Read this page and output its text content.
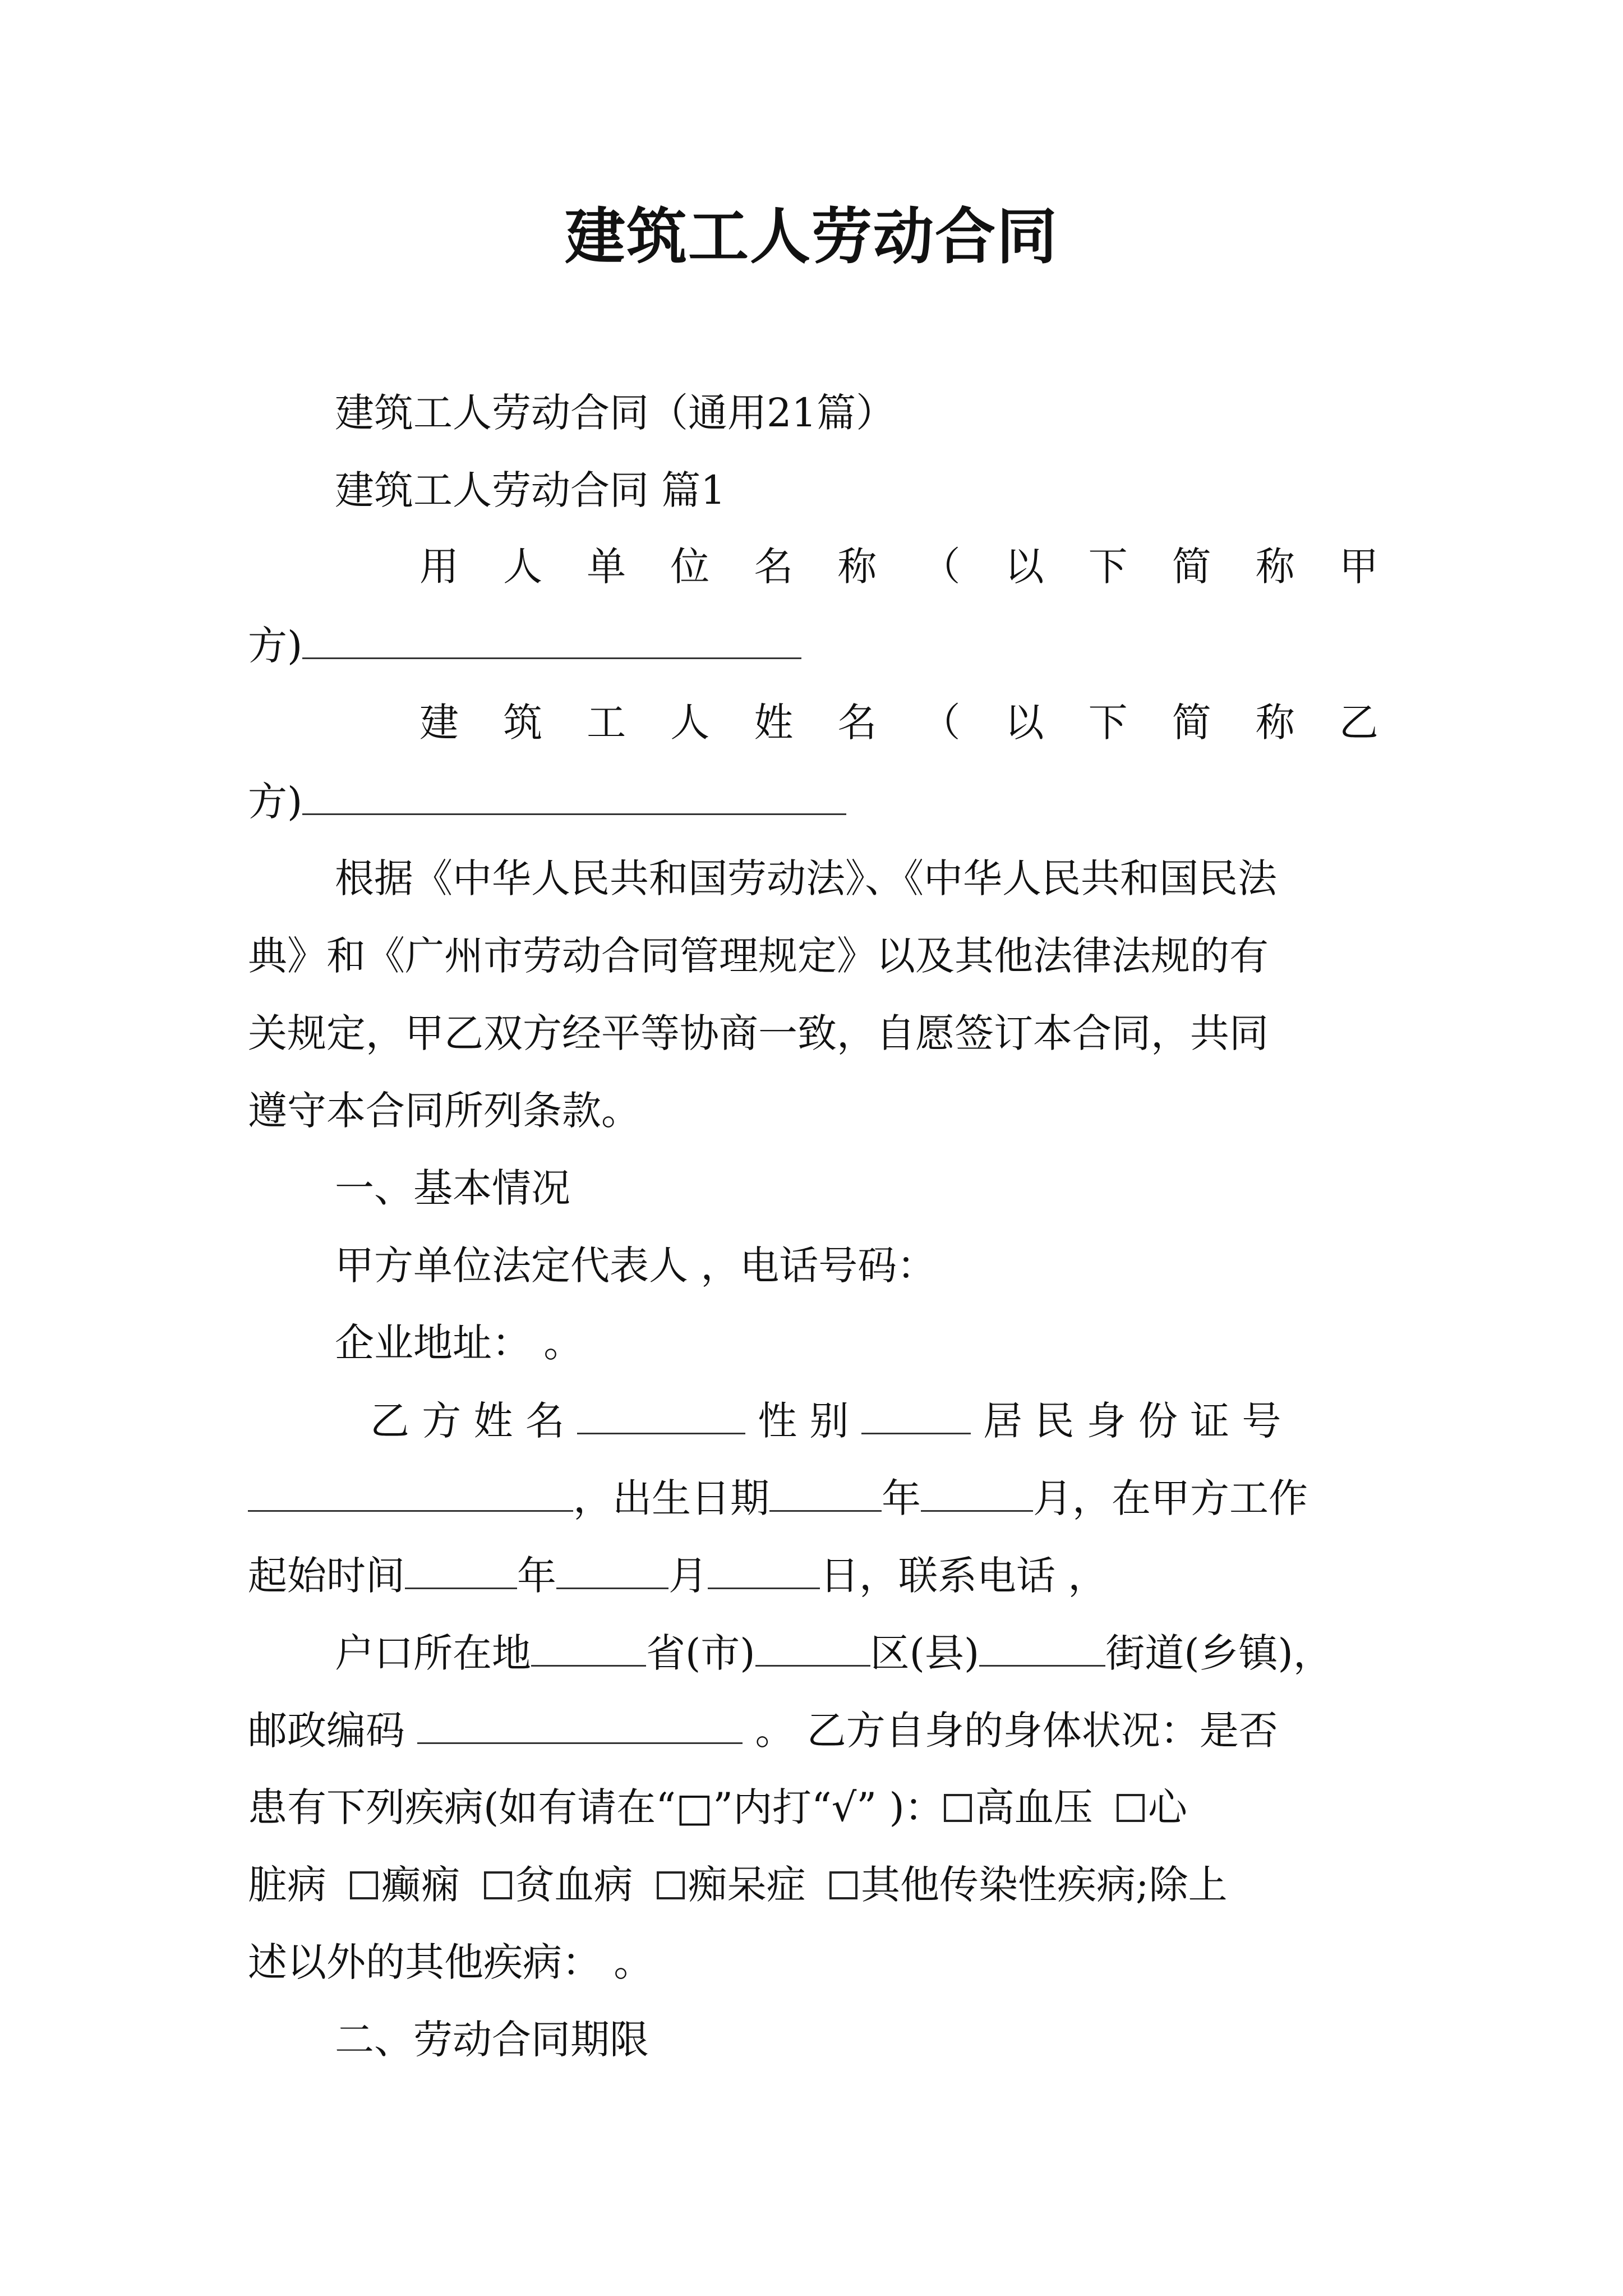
建筑工人劳动合同
建筑工人劳动合同（通用21篇）
建筑工人劳动合同 篇1
用 人 单 位 名 称 （ 以 下 简 称 甲
方)
建 筑 工 人 姓 名 （ 以 下 简 称 乙
方)
根据《中华人民共和国劳动法》、《中华人民共和国民法
典》和《广州市劳动合同管理规定》以及其他法律法规的有
关规定，甲乙双方经平等协商一致，自愿签订本合同，共同
遵守本合同所列条款。
一、基本情况
甲方单位法定代表人 ，电话号码：
企业地址： 。
乙 方 姓 名	性 别	居 民 身 份 证 号
，出生日期	年	月，在甲方工作
起始时间	年	月	日，联系电话 ，
户口所在地	省(市)	区(县)	街道(乡镇)，
邮政编码	。 乙方自身的身体状况：是否
患有下列疾病(如有请在“□”内打“√” )： 高血压 心
脏病 癫痫 贫血病 痴呆症 其他传染性疾病;除上
述以外的其他疾病： 。
二、劳动合同期限
